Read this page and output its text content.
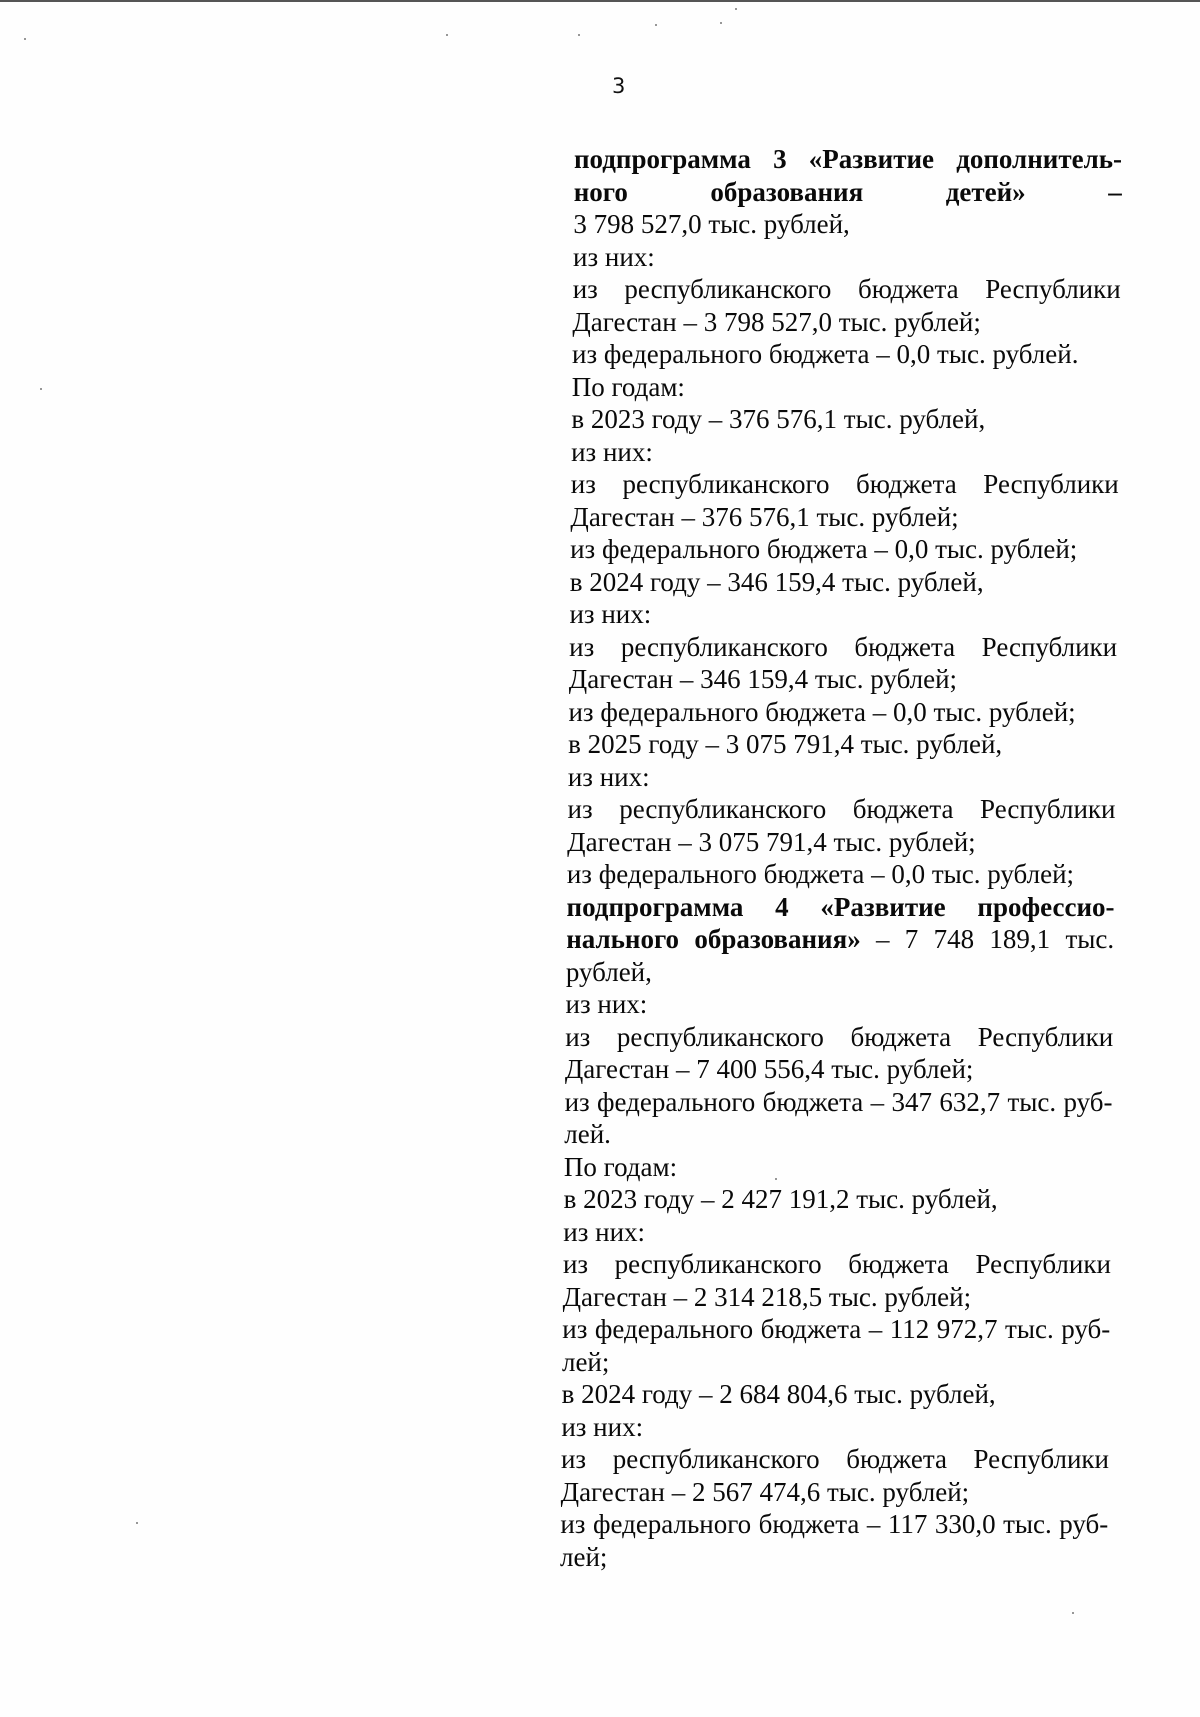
3
подпрограмма 3 «Развитие дополнитель-
ного	образования	детей»	–
3 798 527,0 тыс. рублей,
из них:
из республиканского бюджета Республики
Дагестан – 3 798 527,0 тыс. рублей;
из федерального бюджета – 0,0 тыс. рублей.
По годам:
в 2023 году – 376 576,1 тыс. рублей,
из них:
из республиканского бюджета Республики
Дагестан – 376 576,1 тыс. рублей;
из федерального бюджета – 0,0 тыс. рублей;
в 2024 году – 346 159,4 тыс. рублей,
из них:
из республиканского бюджета Республики
Дагестан – 346 159,4 тыс. рублей;
из федерального бюджета – 0,0 тыс. рублей;
в 2025 году – 3 075 791,4 тыс. рублей,
из них:
из республиканского бюджета Республики
Дагестан – 3 075 791,4 тыс. рублей;
из федерального бюджета – 0,0 тыс. рублей;
подпрограмма 4 «Развитие профессио-
нального образования» – 7 748 189,1 тыс.
рублей,
из них:
из республиканского бюджета Республики
Дагестан – 7 400 556,4 тыс. рублей;
из федерального бюджета – 347 632,7 тыс. руб-
лей.
По годам:
в 2023 году – 2 427 191,2 тыс. рублей,
из них:
из республиканского бюджета Республики
Дагестан – 2 314 218,5 тыс. рублей;
из федерального бюджета – 112 972,7 тыс. руб-
лей;
в 2024 году – 2 684 804,6 тыс. рублей,
из них:
из республиканского бюджета Республики
Дагестан – 2 567 474,6 тыс. рублей;
из федерального бюджета – 117 330,0 тыс. руб-
лей;
